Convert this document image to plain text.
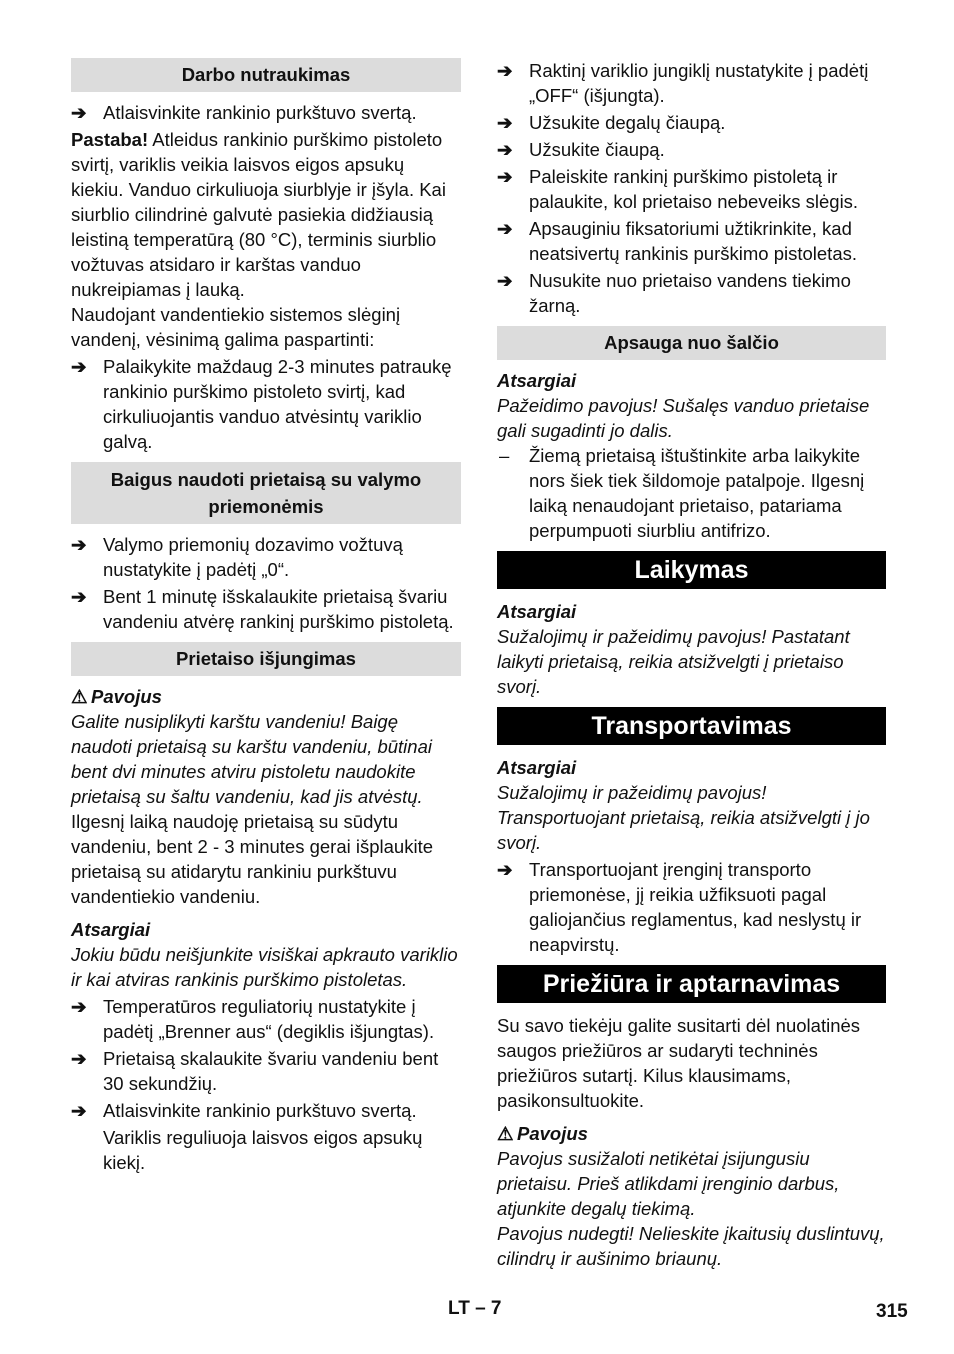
Darbo nutraukimas
➔ Atlaisvinkite rankinio purkštuvo svertą.

Pastaba! Atleidus rankinio purškimo pistoleto svirtį, variklis veikia laisvos eigos apsukų kiekiu. Vanduo cirkuliuoja siurblyje ir įšyla. Kai siurblio cilindrinė galvutė pasiekia didžiausią leistiną temperatūrą (80 °C), terminis siurblio vožtuvas atsidaro ir karštas vanduo nukreipiamas į lauką.

Naudojant vandentiekio sistemos slėginį vandenį, vėsinimą galima paspartinti:

➔ Palaikykite maždaug 2-3 minutes patraukę rankinio purškimo pistoleto svirtį, kad cirkuliuojantis vanduo atvėsintų variklio galvą.
Baigus naudoti prietaisą su valymo priemonėmis
➔ Valymo priemonių dozavimo vožtuvą nustatykite į padėtį „0“.
➔ Bent 1 minutę išskalaukite prietaisą švariu vandeniu atvėrę rankinį purškimo pistoletą.
Prietaiso išjungimas
⚠ Pavojus

Galite nusiplikyti karštu vandeniu! Baigę naudoti prietaisą su karštu vandeniu, būtinai bent dvi minutes atviru pistoletu naudokite prietaisą su šaltu vandeniu, kad jis atvėstų.

Ilgesnį laiką naudoję prietaisą su sūdytu vandeniu, bent 2 - 3 minutes gerai išplaukite prietaisą su atidarytu rankiniu purkštuvu vandentiekio vandeniu.

Atsargiai

Jokiu būdu neišjunkite visiškai apkrauto variklio ir kai atviras rankinis purškimo pistoletas.

➔ Temperatūros reguliatorių nustatykite į padėtį „Brenner aus“ (degiklis išjungtas).
➔ Prietaisą skalaukite švariu vandeniu bent 30 sekundžių.
➔ Atlaisvinkite rankinio purkštuvo svertą.

Variklis reguliuoja laisvos eigos apsukų kiekį.

➔ Raktinį variklio jungiklį nustatykite į padėtį „OFF“ (išjungta).
➔ Užsukite degalų čiaupą.
➔ Užsukite čiaupą.
➔ Paleiskite rankinį purškimo pistoletą ir palaukite, kol prietaiso nebeveiks slėgis.
➔ Apsauginiu fiksatoriumi užtikrinkite, kad neatsivertų rankinis purškimo pistoletas.
➔ Nusukite nuo prietaiso vandens tiekimo žarną.
Apsauga nuo šalčio
Atsargiai

Pažeidimo pavojus! Sušalęs vanduo prietaise gali sugadinti jo dalis.

– Žiemą prietaisą ištuštinkite arba laikykite nors šiek tiek šildomoje patalpoje. Ilgesnį laiką nenaudojant prietaiso, patariama perpumpuoti siurbliu antifrizo.
Laikymas
Atsargiai

Sužalojimų ir pažeidimų pavojus! Pastatant laikyti prietaisą, reikia atsižvelgti į prietaiso svorį.

Transportavimas
Atsargiai

Sužalojimų ir pažeidimų pavojus! Transportuojant prietaisą, reikia atsižvelgti į jo svorį.

➔ Transportuojant įrenginį transporto priemonėse, jį reikia užfiksuoti pagal galiojančius reglamentus, kad neslystų ir neapvirstų.
Priežiūra ir aptarnavimas

Su savo tiekėju galite susitarti dėl nuolatinės saugos priežiūros ar sudaryti techninės priežiūros sutartį. Kilus klausimams, pasikonsultuokite.

⚠ Pavojus

Pavojus susižaloti netikėtai įsijungusiu prietaisu. Prieš atlikdami įrenginio darbus, atjunkite degalų tiekimą.

Pavojus nudegti! Nelieskite įkaitusių duslintuvų, cilindrų ir aušinimo briaunų.

LT – 7	315
